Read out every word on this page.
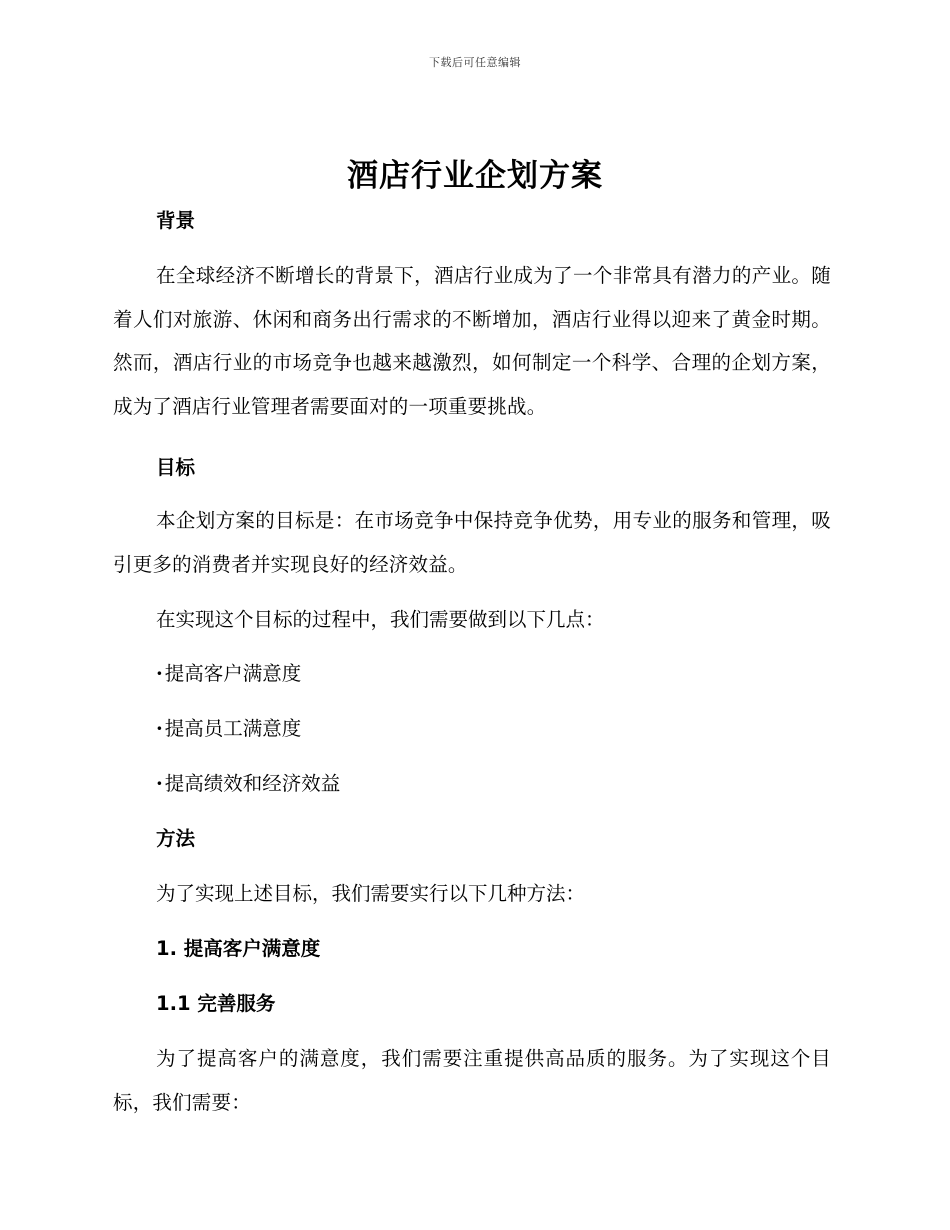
下载后可任意编辑
酒店行业企划方案

背景

在全球经济不断增长的背景下，酒店行业成为了一个非常具有潜力的产业。随着人们对旅游、休闲和商务出行需求的不断增加，酒店行业得以迎来了黄金时期。然而，酒店行业的市场竞争也越来越激烈，如何制定一个科学、合理的企划方案，成为了酒店行业管理者需要面对的一项重要挑战。

目标

本企划方案的目标是：在市场竞争中保持竞争优势，用专业的服务和管理，吸引更多的消费者并实现良好的经济效益。

在实现这个目标的过程中，我们需要做到以下几点：

· 提高客户满意度

· 提高员工满意度

· 提高绩效和经济效益

方法

为了实现上述目标，我们需要实行以下几种方法：

1. 提高客户满意度

1.1 完善服务

为了提高客户的满意度，我们需要注重提供高品质的服务。为了实现这个目标，我们需要：
